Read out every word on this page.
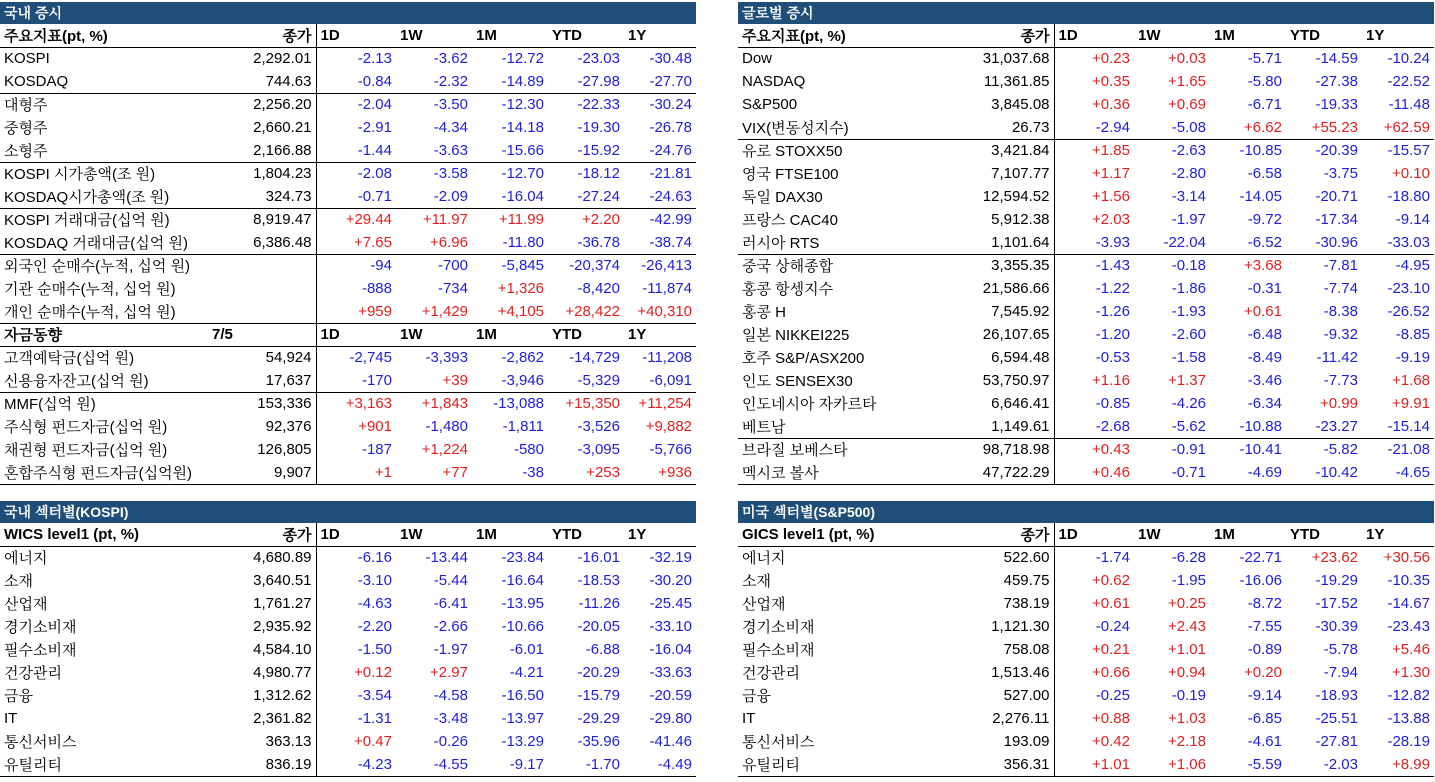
국내 증시
주요지표(pt, %)	종가	1D	1W	1M	YTD	1Y
KOSPI	2,292.01	-2.13	-3.62	-12.72	-23.03	-30.48
KOSDAQ	744.63	-0.84	-2.32	-14.89	-27.98	-27.70
대형주	2,256.20	-2.04	-3.50	-12.30	-22.33	-30.24
중형주	2,660.21	-2.91	-4.34	-14.18	-19.30	-26.78
소형주	2,166.88	-1.44	-3.63	-15.66	-15.92	-24.76
KOSPI 시가총액(조 원)	1,804.23	-2.08	-3.58	-12.70	-18.12	-21.81
KOSDAQ시가총액(조 원)	324.73	-0.71	-2.09	-16.04	-27.24	-24.63
KOSPI 거래대금(십억 원)	8,919.47	+29.44	+11.97	+11.99	+2.20	-42.99
KOSDAQ 거래대금(십억 원)	6,386.48	+7.65	+6.96	-11.80	-36.78	-38.74
외국인 순매수(누적, 십억 원)		-94	-700	-5,845	-20,374	-26,413
기관 순매수(누적, 십억 원)		-888	-734	+1,326	-8,420	-11,874
개인 순매수(누적, 십억 원)		+959	+1,429	+4,105	+28,422	+40,310
자금동향	7/5	1D	1W	1M	YTD	1Y
고객예탁금(십억 원)	54,924	-2,745	-3,393	-2,862	-14,729	-11,208
신용융자잔고(십억 원)	17,637	-170	+39	-3,946	-5,329	-6,091
MMF(십억 원)	153,336	+3,163	+1,843	-13,088	+15,350	+11,254
주식형 펀드자금(십억 원)	92,376	+901	-1,480	-1,811	-3,526	+9,882
채권형 펀드자금(십억 원)	126,805	-187	+1,224	-580	-3,095	-5,766
혼합주식형 펀드자금(십억원)	9,907	+1	+77	-38	+253	+936
글로벌 증시
주요지표(pt, %)	종가	1D	1W	1M	YTD	1Y
Dow	31,037.68	+0.23	+0.03	-5.71	-14.59	-10.24
NASDAQ	11,361.85	+0.35	+1.65	-5.80	-27.38	-22.52
S&P500	3,845.08	+0.36	+0.69	-6.71	-19.33	-11.48
VIX(변동성지수)	26.73	-2.94	-5.08	+6.62	+55.23	+62.59
유로 STOXX50	3,421.84	+1.85	-2.63	-10.85	-20.39	-15.57
영국 FTSE100	7,107.77	+1.17	-2.80	-6.58	-3.75	+0.10
독일 DAX30	12,594.52	+1.56	-3.14	-14.05	-20.71	-18.80
프랑스 CAC40	5,912.38	+2.03	-1.97	-9.72	-17.34	-9.14
러시아 RTS	1,101.64	-3.93	-22.04	-6.52	-30.96	-33.03
중국 상해종합	3,355.35	-1.43	-0.18	+3.68	-7.81	-4.95
홍콩 항셍지수	21,586.66	-1.22	-1.86	-0.31	-7.74	-23.10
홍콩 H	7,545.92	-1.26	-1.93	+0.61	-8.38	-26.52
일본 NIKKEI225	26,107.65	-1.20	-2.60	-6.48	-9.32	-8.85
호주 S&P/ASX200	6,594.48	-0.53	-1.58	-8.49	-11.42	-9.19
인도 SENSEX30	53,750.97	+1.16	+1.37	-3.46	-7.73	+1.68
인도네시아 자카르타	6,646.41	-0.85	-4.26	-6.34	+0.99	+9.91
베트남	1,149.61	-2.68	-5.62	-10.88	-23.27	-15.14
브라질 보베스타	98,718.98	+0.43	-0.91	-10.41	-5.82	-21.08
멕시코 볼사	47,722.29	+0.46	-0.71	-4.69	-10.42	-4.65
국내 섹터별(KOSPI)
WICS level1 (pt, %)	종가	1D	1W	1M	YTD	1Y
에너지	4,680.89	-6.16	-13.44	-23.84	-16.01	-32.19
소재	3,640.51	-3.10	-5.44	-16.64	-18.53	-30.20
산업재	1,761.27	-4.63	-6.41	-13.95	-11.26	-25.45
경기소비재	2,935.92	-2.20	-2.66	-10.66	-20.05	-33.10
필수소비재	4,584.10	-1.50	-1.97	-6.01	-6.88	-16.04
건강관리	4,980.77	+0.12	+2.97	-4.21	-20.29	-33.63
금융	1,312.62	-3.54	-4.58	-16.50	-15.79	-20.59
IT	2,361.82	-1.31	-3.48	-13.97	-29.29	-29.80
통신서비스	363.13	+0.47	-0.26	-13.29	-35.96	-41.46
유틸리티	836.19	-4.23	-4.55	-9.17	-1.70	-4.49
미국 섹터별(S&P500)
GICS level1 (pt, %)	종가	1D	1W	1M	YTD	1Y
에너지	522.60	-1.74	-6.28	-22.71	+23.62	+30.56
소재	459.75	+0.62	-1.95	-16.06	-19.29	-10.35
산업재	738.19	+0.61	+0.25	-8.72	-17.52	-14.67
경기소비재	1,121.30	-0.24	+2.43	-7.55	-30.39	-23.43
필수소비재	758.08	+0.21	+1.01	-0.89	-5.78	+5.46
건강관리	1,513.46	+0.66	+0.94	+0.20	-7.94	+1.30
금융	527.00	-0.25	-0.19	-9.14	-18.93	-12.82
IT	2,276.11	+0.88	+1.03	-6.85	-25.51	-13.88
통신서비스	193.09	+0.42	+2.18	-4.61	-27.81	-28.19
유틸리티	356.31	+1.01	+1.06	-5.59	-2.03	+8.99
